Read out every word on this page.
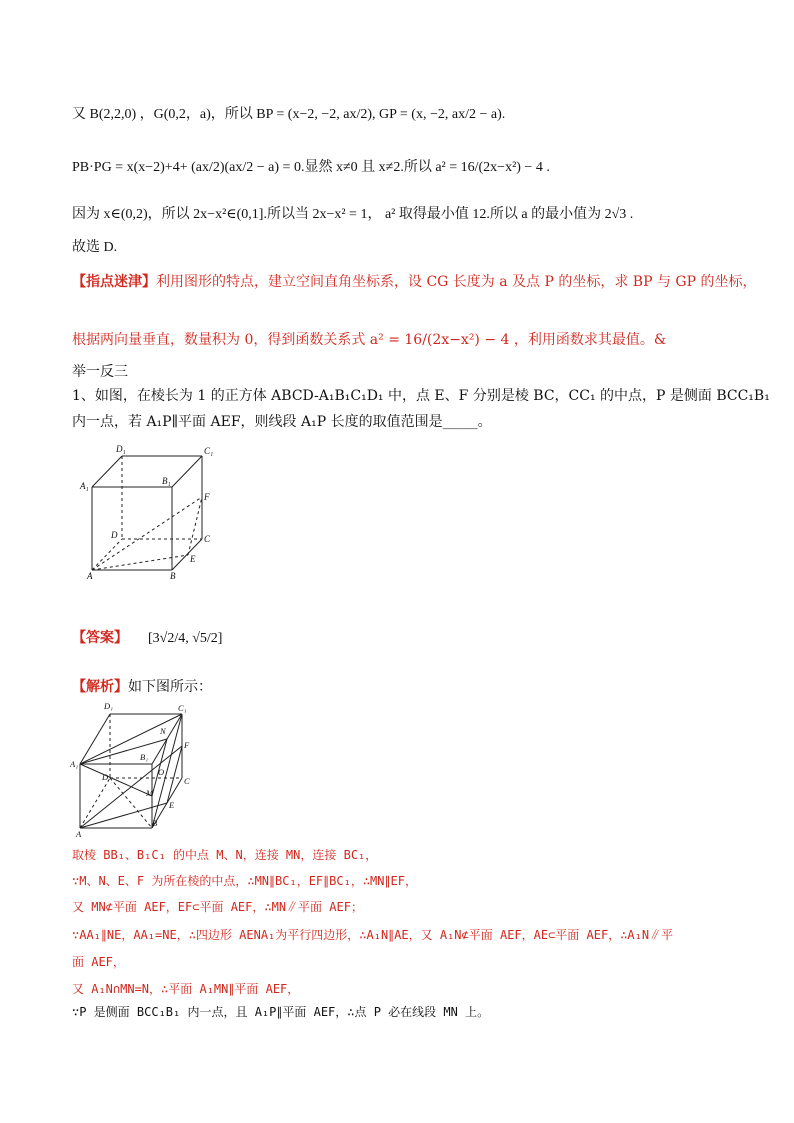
又 B(2,2,0) ，G(0,2，a)，所以 BP = (x−2, −2, ax/2), GP = (x, −2, ax/2 − a).
PB·PG = x(x−2)+4+ (ax/2)(ax/2 − a) = 0.显然 x≠0 且 x≠2.所以 a² = 16/(2x−x²) − 4 .
因为 x∈(0,2)，所以 2x−x²∈(0,1].所以当 2x−x² = 1， a² 取得最小值 12.所以 a 的最小值为 2√3 .
故选 D.
【指点迷津】利用图形的特点，建立空间直角坐标系，设 CG 长度为 a 及点 P 的坐标，求 BP 与 GP 的坐标，
根据两向量垂直，数量积为 0，得到函数关系式 a² = 16/(2x−x²) − 4 ，利用函数求其最值。&
举一反三
1、如图，在棱长为 1 的正方体 ABCD-A₁B₁C₁D₁ 中，点 E、F 分别是棱 BC，CC₁ 的中点，P 是侧面 BCC₁B₁
内一点，若 A₁P∥平面 AEF，则线段 A₁P 长度的取值范围是_____。
D₁	C₁
A₁	B₁
F
D	C
E
A	B
【答案】 [3√2/4, √5/2]
【解析】如下图所示：
D₁	C₁
A₁
B₁
N
F
D	O
C
M
E
A
B
取棱 BB₁、B₁C₁ 的中点 M、N，连接 MN，连接 BC₁，
∵M、N、E、F 为所在棱的中点，∴MN∥BC₁，EF∥BC₁，∴MN∥EF，
又 MN⊄平面 AEF，EF⊂平面 AEF，∴MN∥平面 AEF；
∵AA₁∥NE，AA₁=NE，∴四边形 AENA₁为平行四边形，∴A₁N∥AE，又 A₁N⊄平面 AEF，AE⊂平面 AEF，∴A₁N∥平
面 AEF，
又 A₁N∩MN=N，∴平面 A₁MN∥平面 AEF，
∵P 是侧面 BCC₁B₁ 内一点，且 A₁P∥平面 AEF，∴点 P 必在线段 MN 上。
